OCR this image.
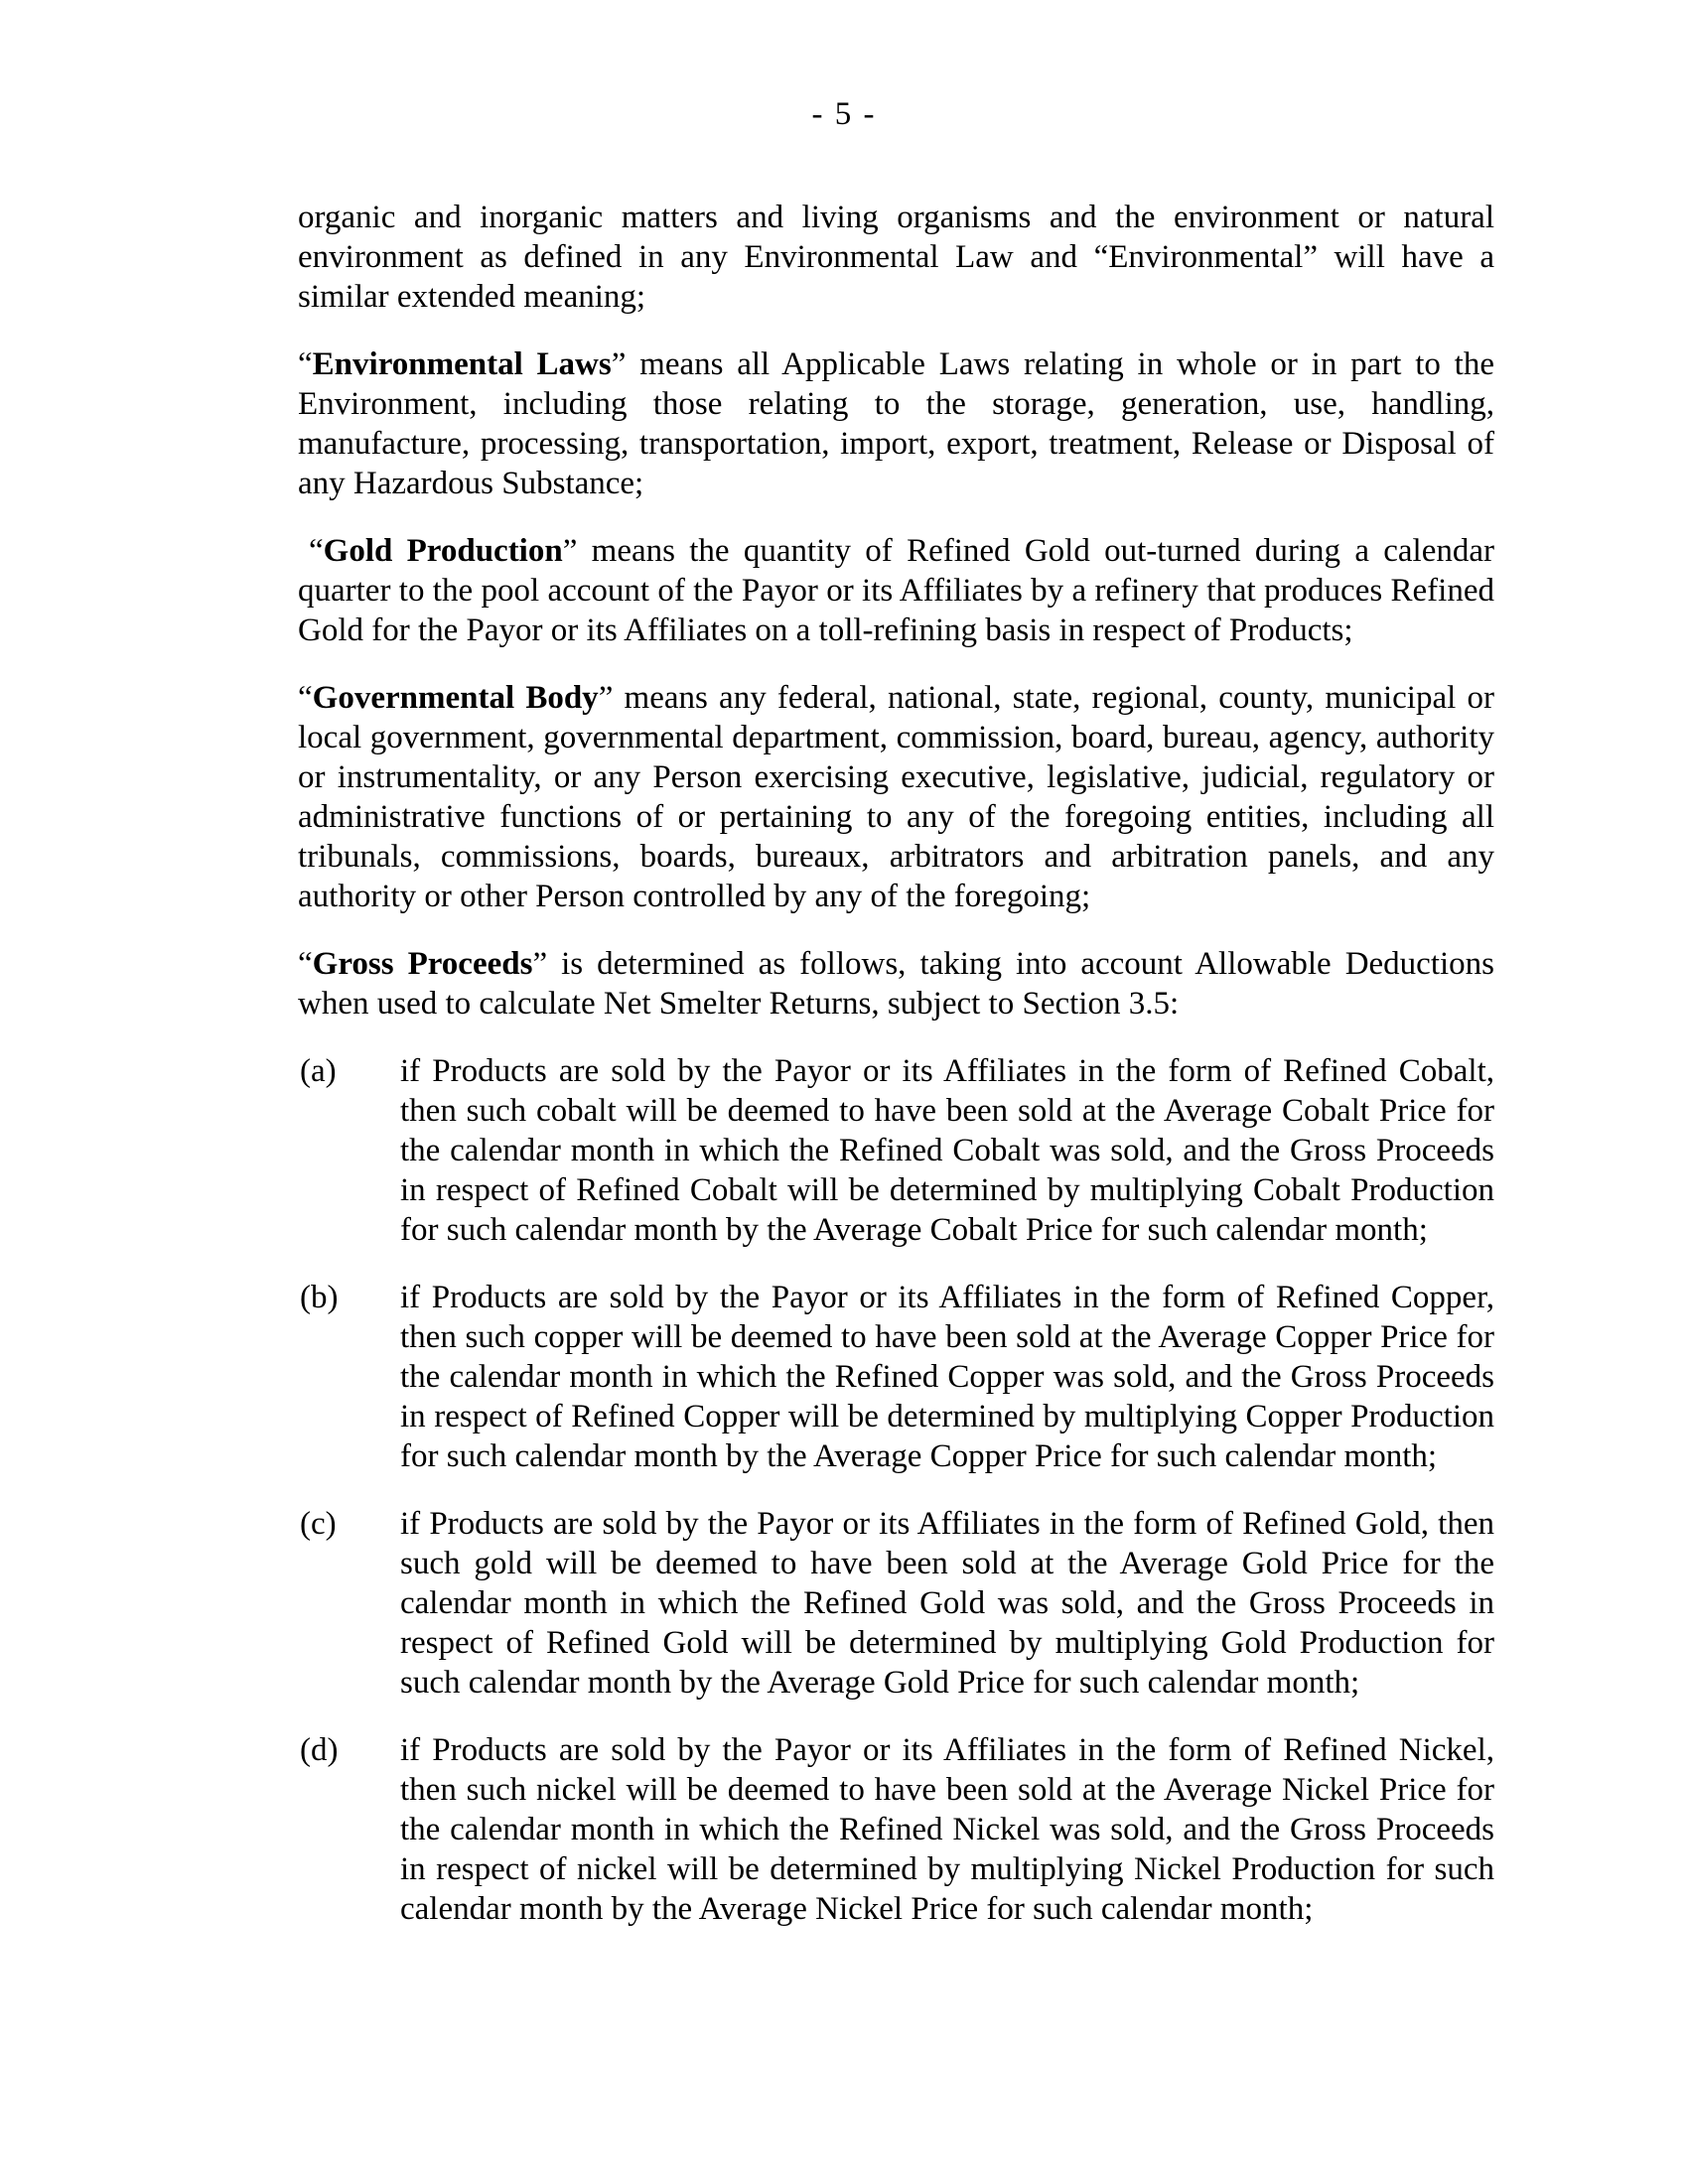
- 5 -

organic and inorganic matters and living organisms and the environment or natural environment as defined in any Environmental Law and “Environmental” will have a similar extended meaning;

“Environmental Laws” means all Applicable Laws relating in whole or in part to the Environment, including those relating to the storage, generation, use, handling, manufacture, processing, transportation, import, export, treatment, Release or Disposal of any Hazardous Substance;

“Gold Production” means the quantity of Refined Gold out-turned during a calendar quarter to the pool account of the Payor or its Affiliates by a refinery that produces Refined Gold for the Payor or its Affiliates on a toll-refining basis in respect of Products;

“Governmental Body” means any federal, national, state, regional, county, municipal or local government, governmental department, commission, board, bureau, agency, authority or instrumentality, or any Person exercising executive, legislative, judicial, regulatory or administrative functions of or pertaining to any of the foregoing entities, including all tribunals, commissions, boards, bureaux, arbitrators and arbitration panels, and any authority or other Person controlled by any of the foregoing;

“Gross Proceeds” is determined as follows, taking into account Allowable Deductions when used to calculate Net Smelter Returns, subject to Section 3.5:

(a) if Products are sold by the Payor or its Affiliates in the form of Refined Cobalt, then such cobalt will be deemed to have been sold at the Average Cobalt Price for the calendar month in which the Refined Cobalt was sold, and the Gross Proceeds in respect of Refined Cobalt will be determined by multiplying Cobalt Production for such calendar month by the Average Cobalt Price for such calendar month;
(b) if Products are sold by the Payor or its Affiliates in the form of Refined Copper, then such copper will be deemed to have been sold at the Average Copper Price for the calendar month in which the Refined Copper was sold, and the Gross Proceeds in respect of Refined Copper will be determined by multiplying Copper Production for such calendar month by the Average Copper Price for such calendar month;
(c) if Products are sold by the Payor or its Affiliates in the form of Refined Gold, then such gold will be deemed to have been sold at the Average Gold Price for the calendar month in which the Refined Gold was sold, and the Gross Proceeds in respect of Refined Gold will be determined by multiplying Gold Production for such calendar month by the Average Gold Price for such calendar month;
(d) if Products are sold by the Payor or its Affiliates in the form of Refined Nickel, then such nickel will be deemed to have been sold at the Average Nickel Price for the calendar month in which the Refined Nickel was sold, and the Gross Proceeds in respect of nickel will be determined by multiplying Nickel Production for such calendar month by the Average Nickel Price for such calendar month;
